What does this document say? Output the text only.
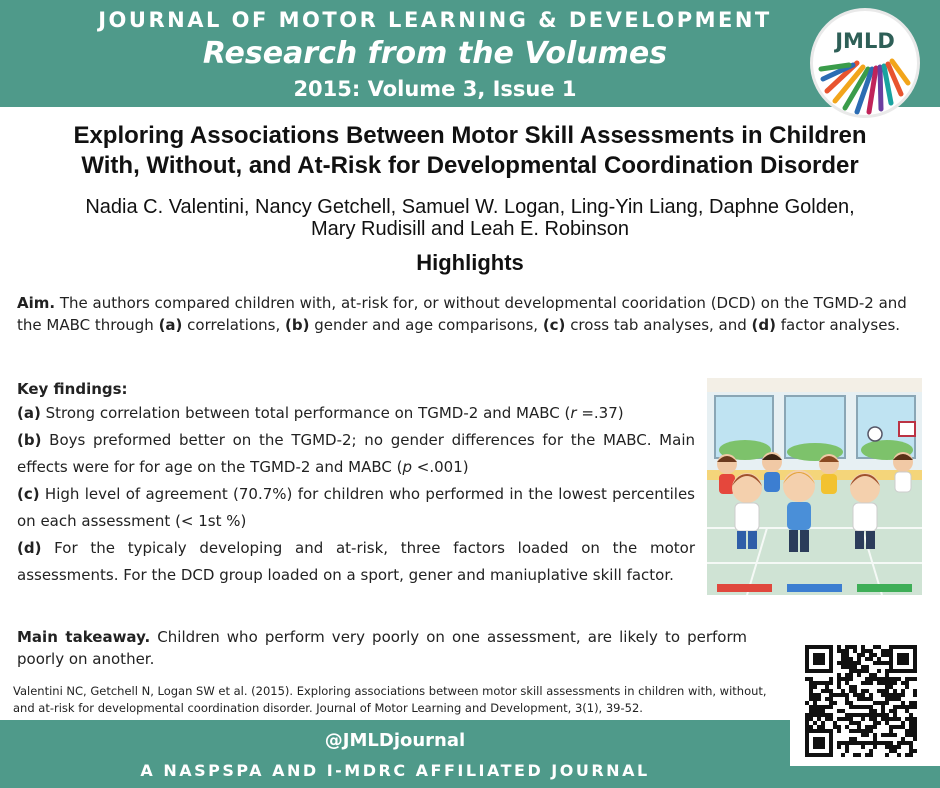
JOURNAL OF MOTOR LEARNING & DEVELOPMENT
Research from the Volumes
2015: Volume 3, Issue 1
JMLD
Exploring Associations Between Motor Skill Assessments in Children
With, Without, and At-Risk for Developmental Coordination Disorder
Nadia C. Valentini, Nancy Getchell, Samuel W. Logan, Ling-Yin Liang, Daphne Golden,
Mary Rudisill and Leah E. Robinson
Highlights
Aim. The authors compared children with, at-risk for, or without developmental cooridation (DCD) on the TGMD-2 and the MABC through (a) correlations, (b) gender and age comparisons, (c) cross tab analyses, and (d) factor analyses.

Key findings:

(a) Strong correlation between total performance on TGMD-2 and MABC (r =.37)

(b) Boys preformed better on the TGMD-2; no gender differences for the MABC. Main effects were for for age on the TGMD-2 and MABC (p <.001)

(c) High level of agreement (70.7%) for children who performed in the lowest percentiles on each assessment (< 1st %)

(d) For the typicaly developing and at-risk, three factors loaded on the motor assessments. For the DCD group loaded on a sport, gener and maniuplative skill factor.

Main takeaway. Children who perform very poorly on one assessment, are likely to perform poorly on another.
Valentini NC, Getchell N, Logan SW et al. (2015). Exploring associations between motor skill assessments in children with, without, and at-risk for developmental coordination disorder. Journal of Motor Learning and Development, 3(1), 39-52.
@JMLDjournal
A NASPSPA AND I-MDRC AFFILIATED JOURNAL
